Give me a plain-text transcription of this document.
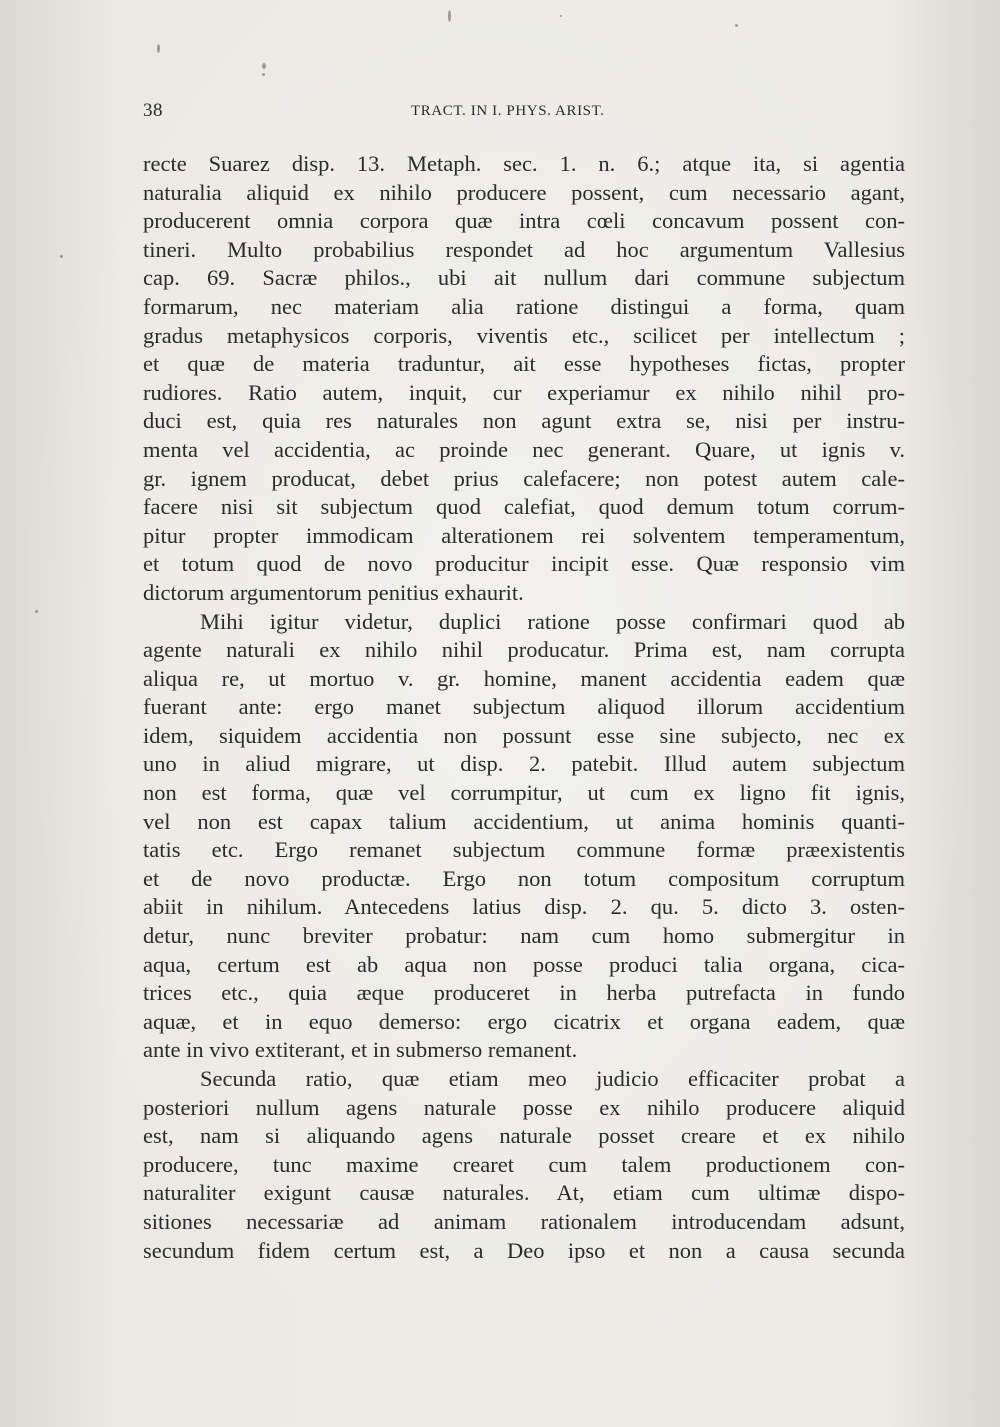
38	TRACT. IN I. PHYS. ARIST.
recte Suarez disp. 13. Metaph. sec. 1. n. 6.; atque ita, si agentia
naturalia aliquid ex nihilo producere possent, cum necessario agant,
producerent omnia corpora quæ intra cœli concavum possent con-
tineri. Multo probabilius respondet ad hoc argumentum Vallesius
cap. 69. Sacræ philos., ubi ait nullum dari commune subjectum
formarum, nec materiam alia ratione distingui a forma, quam
gradus metaphysicos corporis, viventis etc., scilicet per intellectum ;
et quæ de materia traduntur, ait esse hypotheses fictas, propter
rudiores. Ratio autem, inquit, cur experiamur ex nihilo nihil pro-
duci est, quia res naturales non agunt extra se, nisi per instru-
menta vel accidentia, ac proinde nec generant. Quare, ut ignis v.
gr. ignem producat, debet prius calefacere; non potest autem cale-
facere nisi sit subjectum quod calefiat, quod demum totum corrum-
pitur propter immodicam alterationem rei solventem temperamentum,
et totum quod de novo producitur incipit esse. Quæ responsio vim
dictorum argumentorum penitius exhaurit.
Mihi igitur videtur, duplici ratione posse confirmari quod ab
agente naturali ex nihilo nihil producatur. Prima est, nam corrupta
aliqua re, ut mortuo v. gr. homine, manent accidentia eadem quæ
fuerant ante: ergo manet subjectum aliquod illorum accidentium
idem, siquidem accidentia non possunt esse sine subjecto, nec ex
uno in aliud migrare, ut disp. 2. patebit. Illud autem subjectum
non est forma, quæ vel corrumpitur, ut cum ex ligno fit ignis,
vel non est capax talium accidentium, ut anima hominis quanti-
tatis etc. Ergo remanet subjectum commune formæ præexistentis
et de novo productæ. Ergo non totum compositum corruptum
abiit in nihilum. Antecedens latius disp. 2. qu. 5. dicto 3. osten-
detur, nunc breviter probatur: nam cum homo submergitur in
aqua, certum est ab aqua non posse produci talia organa, cica-
trices etc., quia æque produceret in herba putrefacta in fundo
aquæ, et in equo demerso: ergo cicatrix et organa eadem, quæ
ante in vivo extiterant, et in submerso remanent.
Secunda ratio, quæ etiam meo judicio efficaciter probat a
posteriori nullum agens naturale posse ex nihilo producere aliquid
est, nam si aliquando agens naturale posset creare et ex nihilo
producere, tunc maxime crearet cum talem productionem con-
naturaliter exigunt causæ naturales. At, etiam cum ultimæ dispo-
sitiones necessariæ ad animam rationalem introducendam adsunt,
secundum fidem certum est, a Deo ipso et non a causa secunda
